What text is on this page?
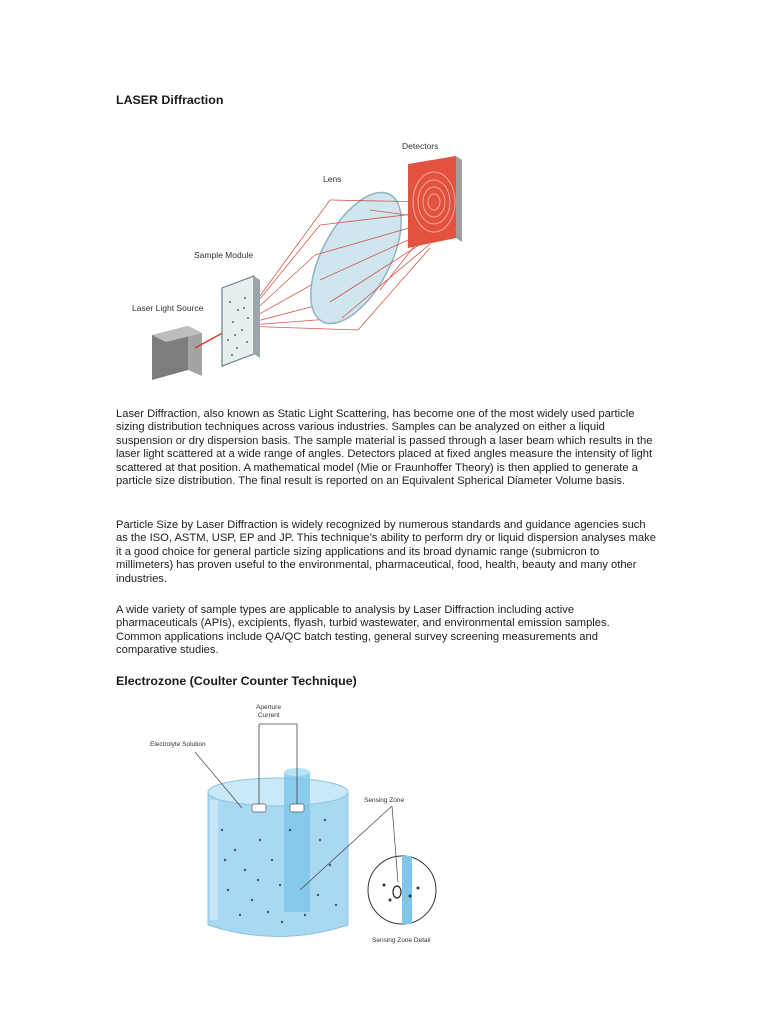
LASER Diffraction
Detectors
Lens
Sample Module
Laser Light Source

Laser Diffraction, also known as Static Light Scattering, has become one of the most widely used particle sizing distribution techniques across various industries. Samples can be analyzed on either a liquid suspension or dry dispersion basis. The sample material is passed through a laser beam which results in the laser light scattered at a wide range of angles. Detectors placed at fixed angles measure the intensity of light scattered at that position. A mathematical model (Mie or Fraunhoffer Theory) is then applied to generate a particle size distribution. The final result is reported on an Equivalent Spherical Diameter Volume basis.

Particle Size by Laser Diffraction is widely recognized by numerous standards and guidance agencies such as the ISO, ASTM, USP, EP and JP. This technique’s ability to perform dry or liquid dispersion analyses make it a good choice for general particle sizing applications and its broad dynamic range (submicron to millimeters) has proven useful to the environmental, pharmaceutical, food, health, beauty and many other industries.

A wide variety of sample types are applicable to analysis by Laser Diffraction including active pharmaceuticals (APIs), excipients, flyash, turbid wastewater, and environmental emission samples. Common applications include QA/QC batch testing, general survey screening measurements and comparative studies.

Electrozone (Coulter Counter Technique)
Aperture
Current
Electrolyte Solution
Sensing Zone
Sensing Zone Detail
